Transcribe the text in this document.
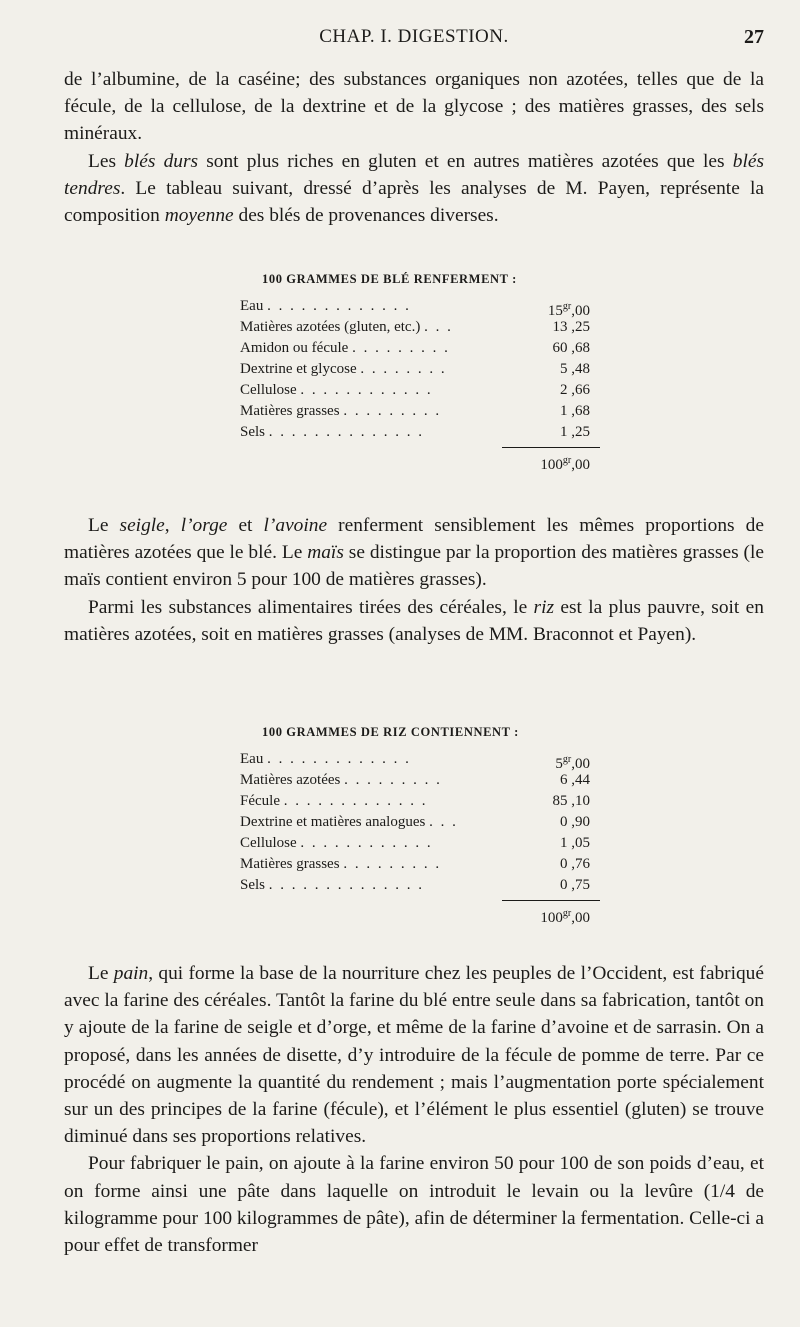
CHAP. I. DIGESTION.	27

de l’albumine, de la caséine; des substances organiques non azotées, telles que de la fécule, de la cellulose, de la dextrine et de la glycose ; des matières grasses, des sels minéraux.

Les blés durs sont plus riches en gluten et en autres matières azotées que les blés tendres. Le tableau suivant, dressé d’après les analyses de M. Payen, représente la composition moyenne des blés de provenances diverses.

100 GRAMMES DE BLÉ RENFERMENT :
Eau . . . . . . . . . . . . .	$15^{gr},00$
Matières azotées (gluten, etc.) . . .	13 ,25
Amidon ou fécule . . . . . . . . .	60 ,68
Dextrine et glycose . . . . . . . .	5 ,48
Cellulose . . . . . . . . . . . .	2 ,66
Matières grasses . . . . . . . . .	1 ,68
Sels . . . . . . . . . . . . . .	1 ,25
$100^{gr},00$

Le seigle, l’orge et l’avoine renferment sensiblement les mêmes proportions de matières azotées que le blé. Le maïs se distingue par la proportion des matières grasses (le maïs contient environ 5 pour 100 de matières grasses).

Parmi les substances alimentaires tirées des céréales, le riz est la plus pauvre, soit en matières azotées, soit en matières grasses (analyses de MM. Braconnot et Payen).

100 GRAMMES DE RIZ CONTIENNENT :
Eau . . . . . . . . . . . . .	$5^{gr},00$
Matières azotées . . . . . . . . .	6 ,44
Fécule . . . . . . . . . . . . .	85 ,10
Dextrine et matières analogues . . .	0 ,90
Cellulose . . . . . . . . . . . .	1 ,05
Matières grasses . . . . . . . . .	0 ,76
Sels . . . . . . . . . . . . . .	0 ,75
$100^{gr},00$

Le pain, qui forme la base de la nourriture chez les peuples de l’Occident, est fabriqué avec la farine des céréales. Tantôt la farine du blé entre seule dans sa fabrication, tantôt on y ajoute de la farine de seigle et d’orge, et même de la farine d’avoine et de sarrasin. On a proposé, dans les années de disette, d’y introduire de la fécule de pomme de terre. Par ce procédé on augmente la quantité du rendement ; mais l’augmentation porte spécialement sur un des principes de la farine (fécule), et l’élément le plus essentiel (gluten) se trouve diminué dans ses proportions relatives.

Pour fabriquer le pain, on ajoute à la farine environ 50 pour 100 de son poids d’eau, et on forme ainsi une pâte dans laquelle on introduit le levain ou la levûre (1/4 de kilogramme pour 100 kilogrammes de pâte), afin de déterminer la fermentation. Celle-ci a pour effet de transformer
